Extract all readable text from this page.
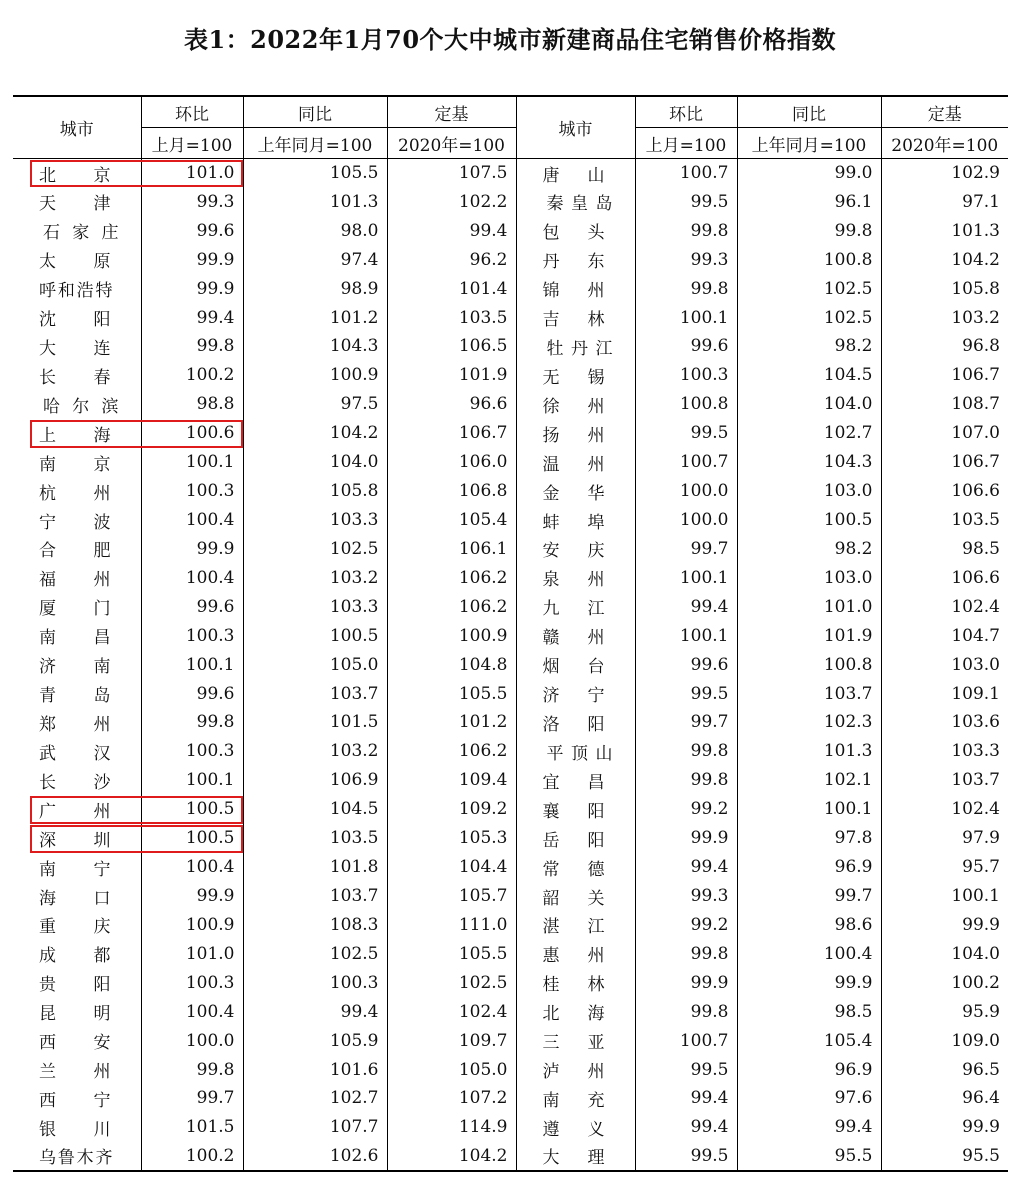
表1：2022年1月70个大中城市新建商品住宅销售价格指数
城市	环比	同比	定基	城市	环比	同比	定基
	上月=100	上年同月=100	2020年=100		上月=100	上年同月=100	2020年=100

北 京	101.0	105.5	107.5	唐 山	100.7	99.0	102.9

天 津	99.3	101.3	102.2	秦 皇 岛	99.5	96.1	97.1

石 家 庄	99.6	98.0	99.4	包 头	99.8	99.8	101.3

太 原	99.9	97.4	96.2	丹 东	99.3	100.8	104.2

呼 和 浩 特	99.9	98.9	101.4	锦 州	99.8	102.5	105.8

沈 阳	99.4	101.2	103.5	吉 林	100.1	102.5	103.2

大 连	99.8	104.3	106.5	牡 丹 江	99.6	98.2	96.8

长 春	100.2	100.9	101.9	无 锡	100.3	104.5	106.7

哈 尔 滨	98.8	97.5	96.6	徐 州	100.8	104.0	108.7

上 海	100.6	104.2	106.7	扬 州	99.5	102.7	107.0

南 京	100.1	104.0	106.0	温 州	100.7	104.3	106.7

杭 州	100.3	105.8	106.8	金 华	100.0	103.0	106.6

宁 波	100.4	103.3	105.4	蚌 埠	100.0	100.5	103.5

合 肥	99.9	102.5	106.1	安 庆	99.7	98.2	98.5

福 州	100.4	103.2	106.2	泉 州	100.1	103.0	106.6

厦 门	99.6	103.3	106.2	九 江	99.4	101.0	102.4

南 昌	100.3	100.5	100.9	赣 州	100.1	101.9	104.7

济 南	100.1	105.0	104.8	烟 台	99.6	100.8	103.0

青 岛	99.6	103.7	105.5	济 宁	99.5	103.7	109.1

郑 州	99.8	101.5	101.2	洛 阳	99.7	102.3	103.6

武 汉	100.3	103.2	106.2	平 顶 山	99.8	101.3	103.3

长 沙	100.1	106.9	109.4	宜 昌	99.8	102.1	103.7

广 州	100.5	104.5	109.2	襄 阳	99.2	100.1	102.4

深 圳	100.5	103.5	105.3	岳 阳	99.9	97.8	97.9

南 宁	100.4	101.8	104.4	常 德	99.4	96.9	95.7

海 口	99.9	103.7	105.7	韶 关	99.3	99.7	100.1

重 庆	100.9	108.3	111.0	湛 江	99.2	98.6	99.9

成 都	101.0	102.5	105.5	惠 州	99.8	100.4	104.0

贵 阳	100.3	100.3	102.5	桂 林	99.9	99.9	100.2

昆 明	100.4	99.4	102.4	北 海	99.8	98.5	95.9

西 安	100.0	105.9	109.7	三 亚	100.7	105.4	109.0

兰 州	99.8	101.6	105.0	泸 州	99.5	96.9	96.5

西 宁	99.7	102.7	107.2	南 充	99.4	97.6	96.4

银 川	101.5	107.7	114.9	遵 义	99.4	99.4	99.9

乌 鲁 木 齐	100.2	102.6	104.2	大 理	99.5	95.5	95.5
